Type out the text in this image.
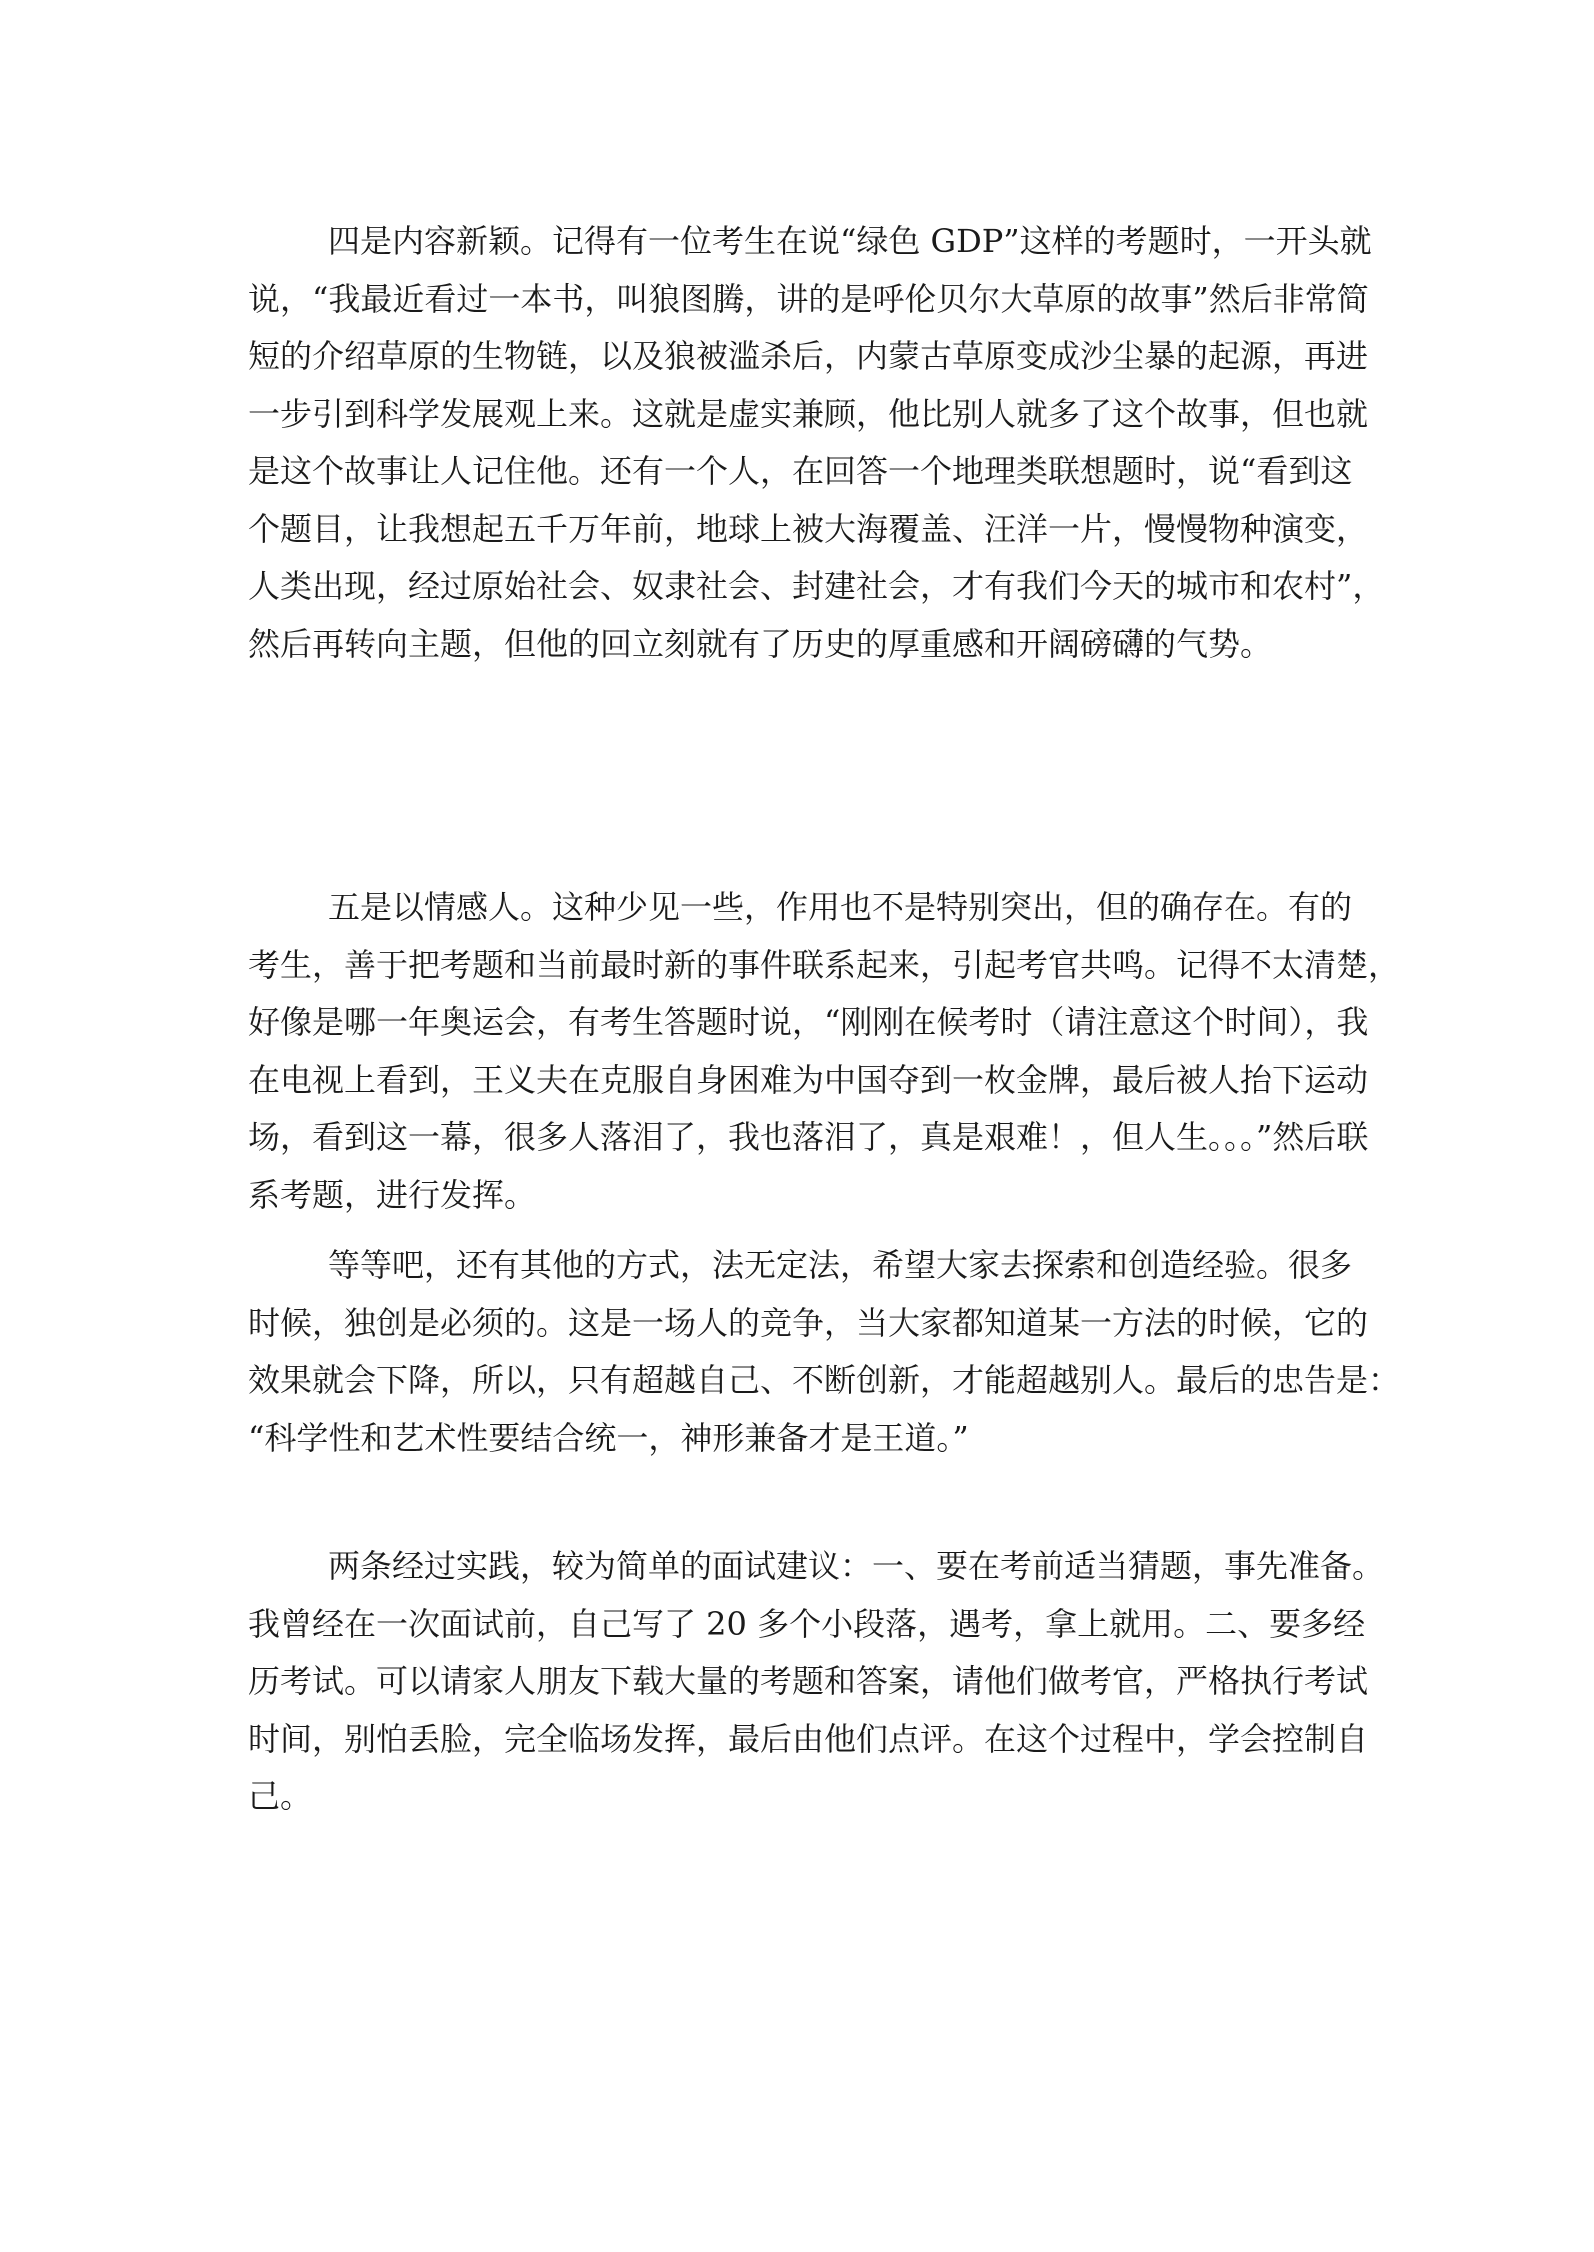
四是内容新颖。记得有一位考生在说“绿色 GDP”这样的考题时，一开头就
说，“我最近看过一本书，叫狼图腾，讲的是呼伦贝尔大草原的故事”然后非常简
短的介绍草原的生物链，以及狼被滥杀后，内蒙古草原变成沙尘暴的起源，再进
一步引到科学发展观上来。这就是虚实兼顾，他比别人就多了这个故事，但也就
是这个故事让人记住他。还有一个人，在回答一个地理类联想题时，说“看到这
个题目，让我想起五千万年前，地球上被大海覆盖、汪洋一片，慢慢物种演变，
人类出现，经过原始社会、奴隶社会、封建社会，才有我们今天的城市和农村”，
然后再转向主题，但他的回立刻就有了历史的厚重感和开阔磅礴的气势。

五是以情感人。这种少见一些，作用也不是特别突出，但的确存在。有的
考生，善于把考题和当前最时新的事件联系起来，引起考官共鸣。记得不太清楚，
好像是哪一年奥运会，有考生答题时说，“刚刚在候考时（请注意这个时间），我
在电视上看到，王义夫在克服自身困难为中国夺到一枚金牌，最后被人抬下运动
场，看到这一幕，很多人落泪了，我也落泪了，真是艰难！，但人生。。。”然后联
系考题，进行发挥。

等等吧，还有其他的方式，法无定法，希望大家去探索和创造经验。很多
时候，独创是必须的。这是一场人的竞争，当大家都知道某一方法的时候，它的
效果就会下降，所以，只有超越自己、不断创新，才能超越别人。最后的忠告是：
“科学性和艺术性要结合统一，神形兼备才是王道。”

两条经过实践，较为简单的面试建议：一、要在考前适当猜题，事先准备。
我曾经在一次面试前，自己写了 20 多个小段落，遇考，拿上就用。二、要多经
历考试。可以请家人朋友下载大量的考题和答案，请他们做考官，严格执行考试
时间，别怕丢脸，完全临场发挥，最后由他们点评。在这个过程中，学会控制自
己。
